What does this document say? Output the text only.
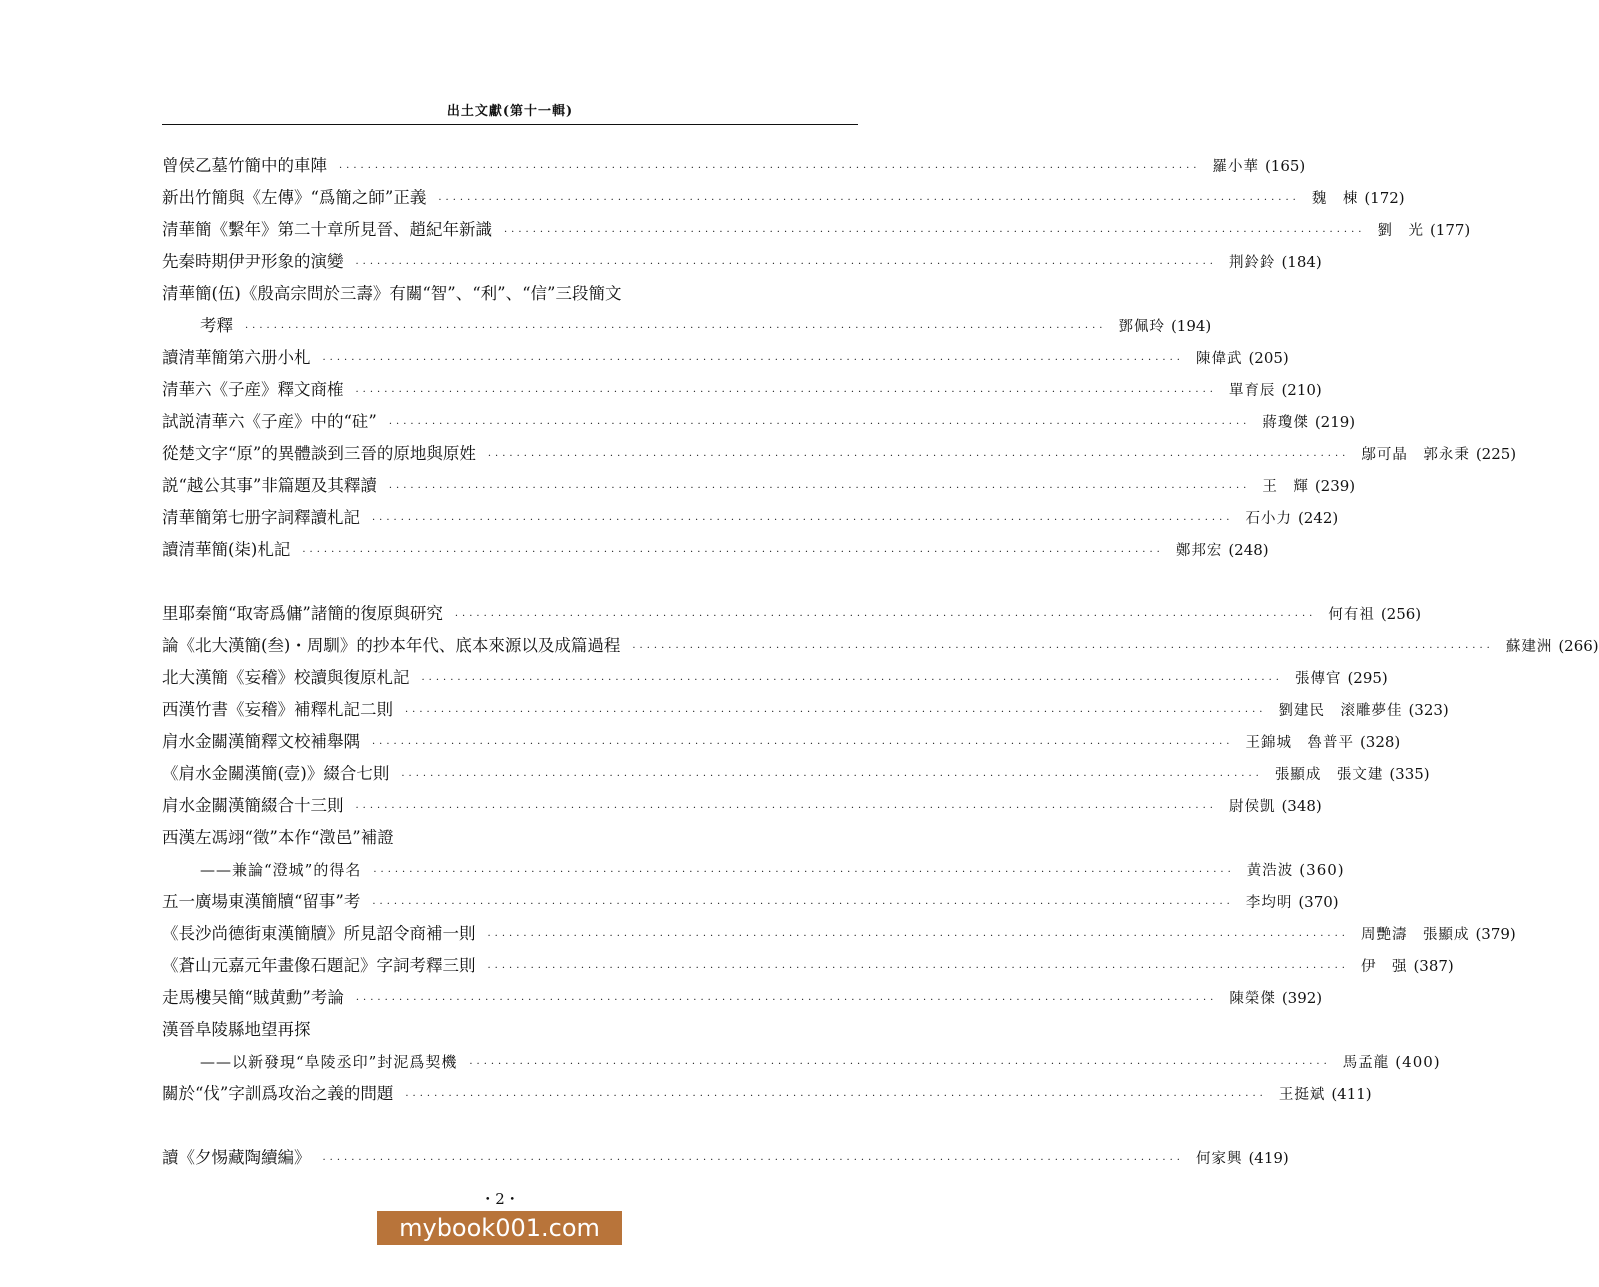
出土文獻(第十一輯)
曾侯乙墓竹簡中的車陣 ························································································································ 羅小華 (165)
新出竹簡與《左傳》“爲簡之師”正義 ························································································································ 魏　棟 (172)
清華簡《繫年》第二十章所見晉、趙紀年新識 ························································································································ 劉　光 (177)
先秦時期伊尹形象的演變 ························································································································ 荆鈴鈴 (184)
清華簡(伍)《殷高宗問於三壽》有關“智”、“利”、“信”三段簡文
考釋 ························································································································ 鄧佩玲 (194)
讀清華簡第六册小札 ························································································································ 陳偉武 (205)
清華六《子産》釋文商榷 ························································································································ 單育辰 (210)
試説清華六《子産》中的“砫” ························································································································ 蔣瓊傑 (219)
從楚文字“原”的異體談到三晉的原地與原姓 ························································································································ 鄔可晶　郭永秉 (225)
説“越公其事”非篇題及其釋讀 ························································································································ 王　輝 (239)
清華簡第七册字詞釋讀札記 ························································································································ 石小力 (242)
讀清華簡(柒)札記 ························································································································ 鄭邦宏 (248)
里耶秦簡“取寄爲傭”諸簡的復原與研究 ························································································································ 何有祖 (256)
論《北大漢簡(叁)・周馴》的抄本年代、底本來源以及成篇過程 ························································································································ 蘇建洲 (266)
北大漢簡《妄稽》校讀與復原札記 ························································································································ 張傳官 (295)
西漢竹書《妄稽》補釋札記二則 ························································································································ 劉建民　滚雕夢佳 (323)
肩水金關漢簡釋文校補舉隅 ························································································································ 王錦城　魯普平 (328)
《肩水金關漢簡(壹)》綴合七則 ························································································································ 張顯成　張文建 (335)
肩水金關漢簡綴合十三則 ························································································································ 尉侯凱 (348)
西漢左馮翊“徵”本作“澂邑”補證
——兼論“澄城”的得名 ························································································································ 黄浩波 (360)
五一廣場東漢簡牘“留事”考 ························································································································ 李均明 (370)
《長沙尚德街東漢簡牘》所見詔令商補一則 ························································································································ 周艷濤　張顯成 (379)
《蒼山元嘉元年畫像石題記》字詞考釋三則 ························································································································ 伊　强 (387)
走馬樓吴簡“賊黄勳”考論 ························································································································ 陳榮傑 (392)
漢晉阜陵縣地望再探
——以新發現“阜陵丞印”封泥爲契機 ························································································································ 馬孟龍 (400)
關於“伐”字訓爲攻治之義的問題 ························································································································ 王挺斌 (411)
讀《夕惕藏陶續編》 ························································································································ 何家興 (419)
・2・
mybook001.com
